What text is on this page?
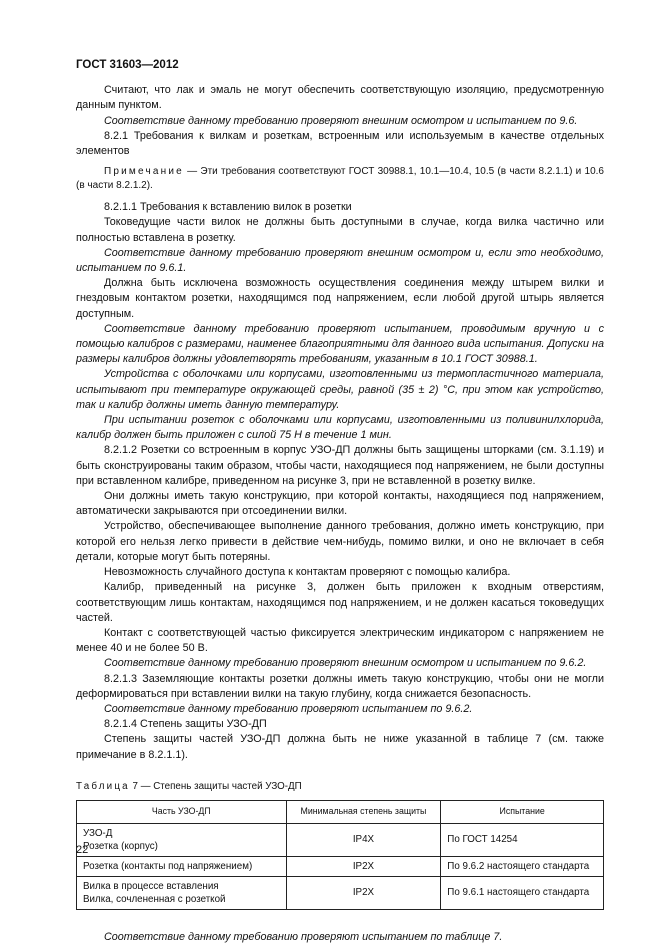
ГОСТ 31603—2012

Считают, что лак и эмаль не могут обеспечить соответствующую изоляцию, предусмотренную данным пунктом.

Соответствие данному требованию проверяют внешним осмотром и испытанием по 9.6.

8.2.1 Требования к вилкам и розеткам, встроенным или используемым в качестве отдельных элементов

Примечание — Эти требования соответствуют ГОСТ 30988.1, 10.1—10.4, 10.5 (в части 8.2.1.1) и 10.6 (в части 8.2.1.2).

8.2.1.1 Требования к вставлению вилок в розетки

Токоведущие части вилок не должны быть доступными в случае, когда вилка частично или полностью вставлена в розетку.

Соответствие данному требованию проверяют внешним осмотром и, если это необходимо, испытанием по 9.6.1.

Должна быть исключена возможность осуществления соединения между штырем вилки и гнездовым контактом розетки, находящимся под напряжением, если любой другой штырь является доступным.

Соответствие данному требованию проверяют испытанием, проводимым вручную и с помощью калибров с размерами, наименее благоприятными для данного вида испытания. Допуски на размеры калибров должны удовлетворять требованиям, указанным в 10.1 ГОСТ 30988.1.

Устройства с оболочками или корпусами, изготовленными из термопластичного материала, испытывают при температуре окружающей среды, равной (35 ± 2) °С, при этом как устройство, так и калибр должны иметь данную температуру.

При испытании розеток с оболочками или корпусами, изготовленными из поливинилхлорида, калибр должен быть приложен с силой 75 Н в течение 1 мин.

8.2.1.2 Розетки со встроенным в корпус УЗО-ДП должны быть защищены шторками (см. 3.1.19) и быть сконструированы таким образом, чтобы части, находящиеся под напряжением, не были доступны при вставленном калибре, приведенном на рисунке 3, при не вставленной в розетку вилке.

Они должны иметь такую конструкцию, при которой контакты, находящиеся под напряжением, автоматически закрываются при отсоединении вилки.

Устройство, обеспечивающее выполнение данного требования, должно иметь конструкцию, при которой его нельзя легко привести в действие чем-нибудь, помимо вилки, и оно не включает в себя детали, которые могут быть потеряны.

Невозможность случайного доступа к контактам проверяют с помощью калибра.

Калибр, приведенный на рисунке 3, должен быть приложен к входным отверстиям, соответствующим лишь контактам, находящимся под напряжением, и не должен касаться токоведущих частей.

Контакт с соответствующей частью фиксируется электрическим индикатором с напряжением не менее 40 и не более 50 В.

Соответствие данному требованию проверяют внешним осмотром и испытанием по 9.6.2.

8.2.1.3 Заземляющие контакты розетки должны иметь такую конструкцию, чтобы они не могли деформироваться при вставлении вилки на такую глубину, когда снижается безопасность.

Соответствие данному требованию проверяют испытанием по 9.6.2.

8.2.1.4 Степень защиты УЗО-ДП

Степень защиты частей УЗО-ДП должна быть не ниже указанной в таблице 7 (см. также примечание в 8.2.1.1).

Таблица 7 — Степень защиты частей УЗО-ДП
Часть УЗО-ДП	Минимальная степень защиты	Испытание

УЗО-Д
Розетка (корпус)	IP4X	По ГОСТ 14254

Розетка (контакты под напряжением)	IP2X	По 9.6.2 настоящего стандарта

Вилка в процессе вставления
Вилка, сочлененная с розеткой	IP2X	По 9.6.1 настоящего стандарта

Соответствие данному требованию проверяют испытанием по таблице 7.

22
